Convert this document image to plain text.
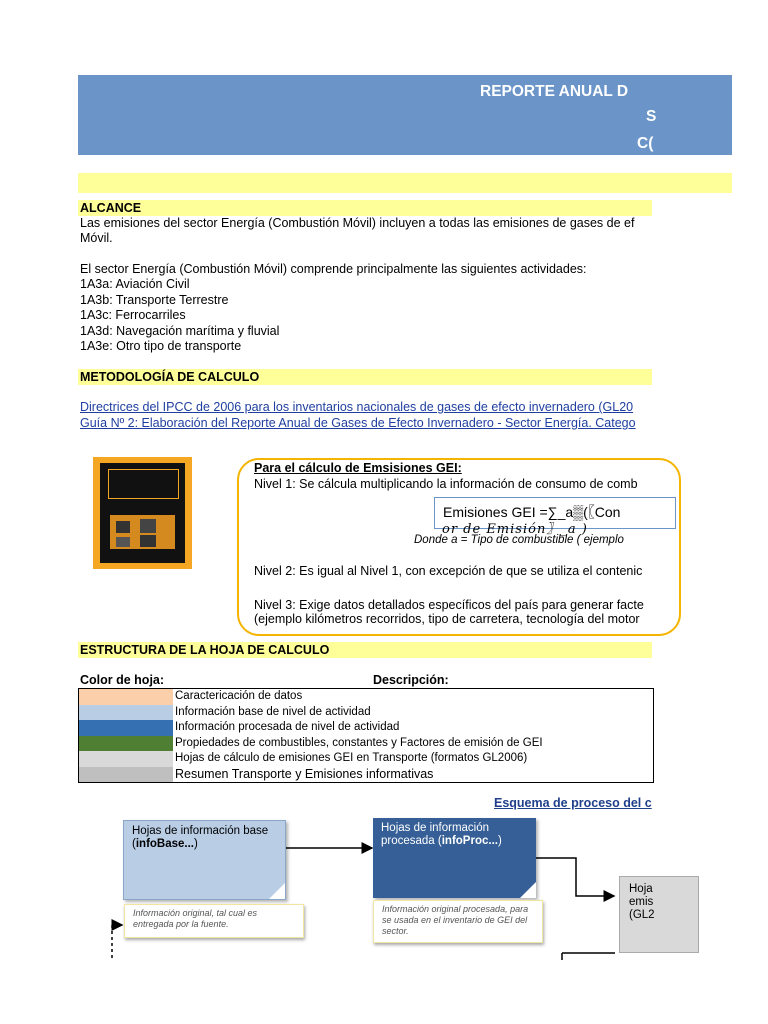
REPORTE ANUAL D
S
C(
ALCANCE
Las emisiones del sector Energía (Combustión Móvil) incluyen a todas las emisiones de gases de ef
Móvil.
El sector Energía (Combustión Móvil) comprende principalmente las siguientes actividades:
1A3a: Aviación Civil
1A3b: Transporte Terrestre
1A3c: Ferrocarriles
1A3d: Navegación marítima y fluvial
1A3e: Otro tipo de transporte
METODOLOGÍA DE CALCULO
Directrices del IPCC de 2006 para los inventarios nacionales de gases de efecto invernadero (GL20
Guía Nº 2: Elaboración del Reporte Anual de Gases de Efecto Invernadero - Sector Energía. Catego
Para el cálculo de Emsisiones GEI:
Nivel 1: Se cálcula multiplicando la información de consumo de comb
Emisiones GEI =∑_a▒(〖Con
or de Emisión〗_a )
Donde a = Tipo de combustible ( ejemplo
Nivel 2: Es igual al Nivel 1, con excepción de que se utiliza el contenic
Nivel 3: Exige datos detallados específicos del país para generar facte
(ejemplo kilómetros recorridos, tipo de carretera, tecnología del motor
ESTRUCTURA DE LA HOJA DE CALCULO
Color de hoja:	Descripción:
Caractericación de datos
Información base de nivel de actividad
Información procesada de nivel de actividad
Propiedades de combustibles, constantes y Factores de emisión de GEI
Hojas de cálculo de emisiones GEI en Transporte (formatos GL2006)
Resumen Transporte y Emisiones informativas
Esquema de proceso del c
Hojas de información base
(infoBase...)
Información original, tal cual es entregada por la fuente.
Hojas de información
procesada (infoProc...)
Información original procesada, para se usada en el inventario de GEI del sector.
Hoja
emis
(GL2
